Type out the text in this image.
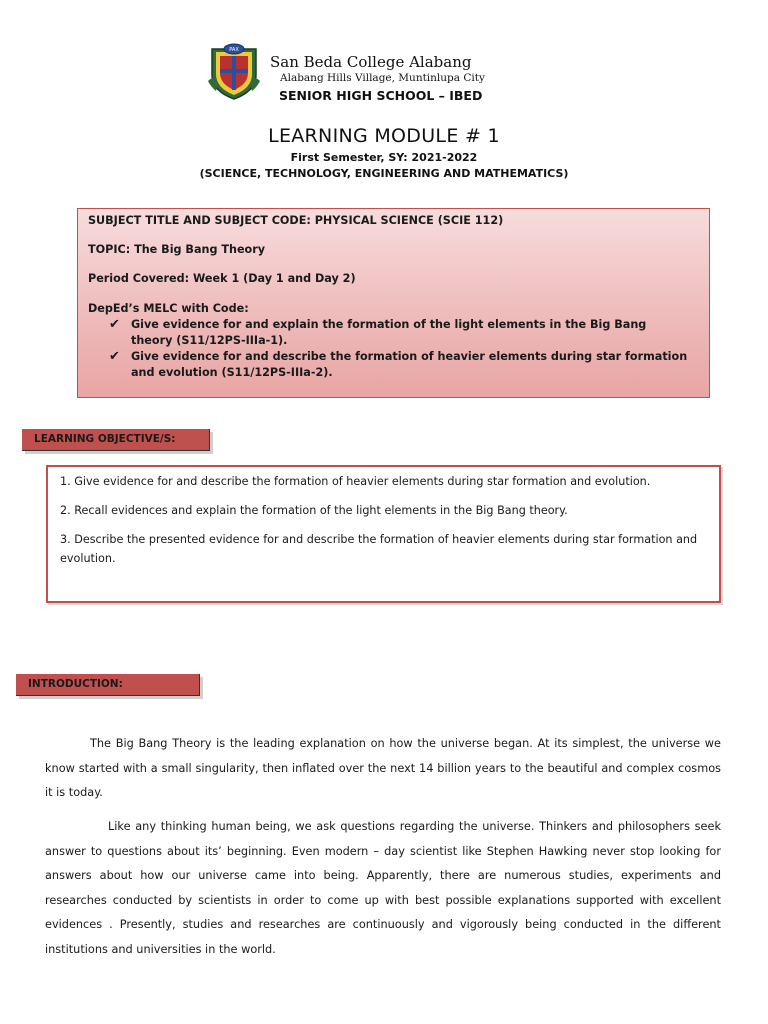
PAX
San Beda College Alabang
Alabang Hills Village, Muntinlupa City
SENIOR HIGH SCHOOL – IBED
LEARNING MODULE # 1
First Semester, SY: 2021-2022
(SCIENCE, TECHNOLOGY, ENGINEERING AND MATHEMATICS)
SUBJECT TITLE AND SUBJECT CODE: PHYSICAL SCIENCE (SCIE 112)
TOPIC: The Big Bang Theory
Period Covered: Week 1 (Day 1 and Day 2)
DepEd’s MELC with Code:
✔ Give evidence for and explain the formation of the light elements in the Big Bang theory (S11/12PS-IIIa-1).
✔ Give evidence for and describe the formation of heavier elements during star formation and evolution (S11/12PS-IIIa-2).
LEARNING OBJECTIVE/S:
1. Give evidence for and describe the formation of heavier elements during star formation and evolution.
2. Recall evidences and explain the formation of the light elements in the Big Bang theory.
3. Describe the presented evidence for and describe the formation of heavier elements during star formation and evolution.
INTRODUCTION:
The Big Bang Theory is the leading explanation on how the universe began. At its simplest, the universe we know started with a small singularity, then inflated over the next 14 billion years to the beautiful and complex cosmos it is today.
Like any thinking human being, we ask questions regarding the universe. Thinkers and philosophers seek answer to questions about its’ beginning. Even modern – day scientist like Stephen Hawking never stop looking for answers about how our universe came into being. Apparently, there are numerous studies, experiments and researches conducted by scientists in order to come up with best possible explanations supported with excellent evidences . Presently, studies and researches are continuously and vigorously being conducted in the different institutions and universities in the world.
